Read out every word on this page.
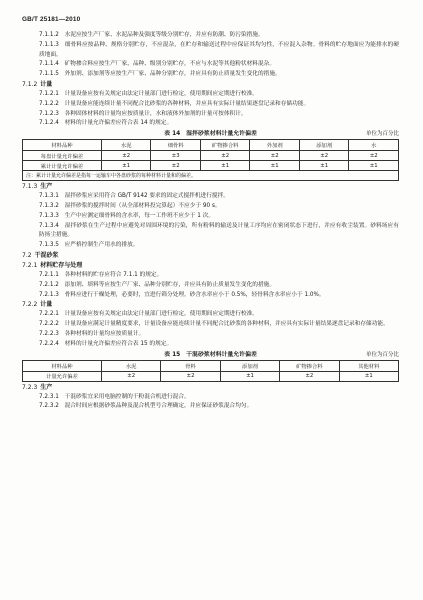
GB/T 25181—2010
7.1.1.2　水泥应按生产厂家、水泥品种及强度等级分别贮存，并应有防潮、防污染措施。
7.1.1.3　细骨料应按品种、规格分别贮存，不应混杂，在贮存和输送过程中应保证其均匀性，不应混入杂物。骨料的贮存地面应为能排水的硬质地面。
7.1.1.4　矿物掺合料应按生产厂家、品种、级别分别贮存，不应与水泥等其他粉状材料混杂。
7.1.1.5　外加剂、添加剂等应按生产厂家、品种分别贮存，并应具有防止质量发生变化的措施。
7.1.2 计量
7.1.2.1　计量设备应按有关规定由法定计量部门进行检定，使用期间应定期进行校准。
7.1.2.2　计量设备应能连续计量不同配合比砂浆的各种材料，并应具有实际计量结果逐盘记录和存储功能。
7.1.2.3　各种固体材料的计量均应按质量计，水和液体外加剂的计量可按体积计。
7.1.2.4　材料的计量允许偏差应符合表 14 的规定。
表 14　湿拌砂浆材料计量允许偏差	单位为百分比
材料品种	水泥	细骨料	矿物掺合料	外加剂	添加剂	水
每盘计量允许偏差	±2	±3	±2	±2	±2	±2
累计计量允许偏差	±1	±2	±1	±1	±1	±1
注：累计计量允许偏差是指每一运输车中各盘砂浆的每种材料计量和的偏差。						
7.1.3 生产
7.1.3.1　湿拌砂浆应采用符合 GB/T 9142 要求的固定式搅拌机进行搅拌。
7.1.3.2　湿拌砂浆的搅拌时间（从全部材料投完算起）不应少于 90 s。
7.1.3.3　生产中应测定细骨料的含水率，每一工作班不应少于 1 次。
7.1.3.4　湿拌砂浆在生产过程中应避免对周围环境的污染，所有粉料的输送及计量工序均应在密闭状态下进行，并应有收尘装置。砂料场应有防扬尘措施。
7.1.3.5　应严格控制生产用水的排放。
7.2 干混砂浆
7.2.1 材料贮存与处理
7.2.1.1　各种材料的贮存应符合 7.1.1 的规定。
7.2.1.2　添加剂、填料等应按生产厂家、品种分别贮存，并应具有防止质量发生变化的措施。
7.2.1.3　骨料应进行干燥处理，必要时，宜进行筛分处理。砂含水率应小于 0.5%，轻骨料含水率应小于 1.0%。
7.2.2 计量
7.2.2.1　计量设备应按有关规定由法定计量部门进行检定，使用期间应定期进行校准。
7.2.2.2　计量设备应满足计量精度要求，计量设备应能连续计量不同配合比砂浆的各种材料，并应具有实际计量结果逐盘记录和存储功能。
7.2.2.3　各种材料的计量均应按质量计。
7.2.2.4　材料的计量允许偏差应符合表 15 的规定。
表 15　干混砂浆材料计量允许偏差	单位为百分比
材料品种	水泥	骨料	添加剂	矿物掺合料	其他材料
计量允许偏差	±2	±2	±1	±2	±1
7.2.3 生产
7.2.3.1　干混砂浆宜采用电脑控制的干粉混合机进行混合。
7.2.3.2　混合时间应根据砂浆品种及混合机型号合理确定，并应保证砂浆混合均匀。
